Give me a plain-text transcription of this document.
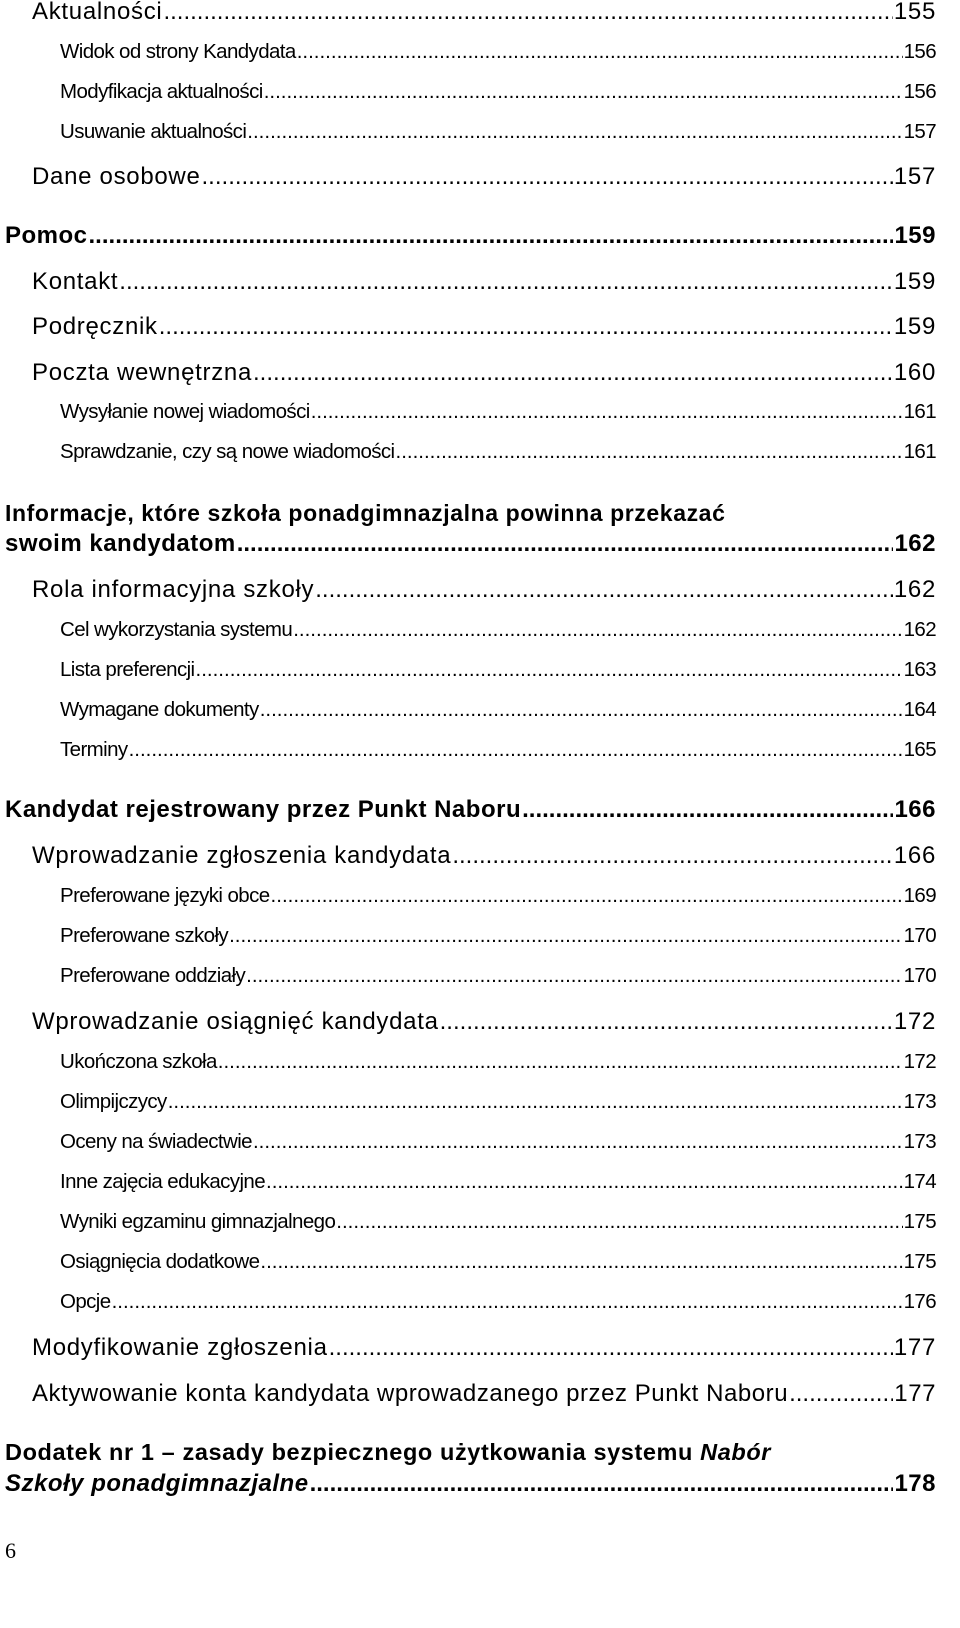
Aktualności .....	155
Widok od strony Kandydata .....	156
Modyfikacja aktualności .....	156
Usuwanie aktualności .....	157
Dane osobowe .....	157
Pomoc .....	159
Kontakt .....	159
Podręcznik .....	159
Poczta wewnętrzna .....	160
Wysyłanie nowej wiadomości .....	161
Sprawdzanie, czy są nowe wiadomości .....	161
Informacje, które szkoła ponadgimnazjalna powinna przekazać
swoim kandydatom .....	162
Rola informacyjna szkoły .....	162
Cel wykorzystania systemu .....	162
Lista preferencji .....	163
Wymagane dokumenty .....	164
Terminy .....	165
Kandydat rejestrowany przez Punkt Naboru .....	166
Wprowadzanie zgłoszenia kandydata .....	166
Preferowane języki obce .....	169
Preferowane szkoły .....	170
Preferowane oddziały .....	170
Wprowadzanie osiągnięć kandydata .....	172
Ukończona szkoła .....	172
Olimpijczycy .....	173
Oceny na świadectwie .....	173
Inne zajęcia edukacyjne .....	174
Wyniki egzaminu gimnazjalnego .....	175
Osiągnięcia dodatkowe .....	175
Opcje .....	176
Modyfikowanie zgłoszenia .....	177
Aktywowanie konta kandydata wprowadzanego przez Punkt Naboru .....	177
Dodatek nr 1 – zasady bezpiecznego użytkowania systemu Nabór
Szkoły ponadgimnazjalne .....	178
6
